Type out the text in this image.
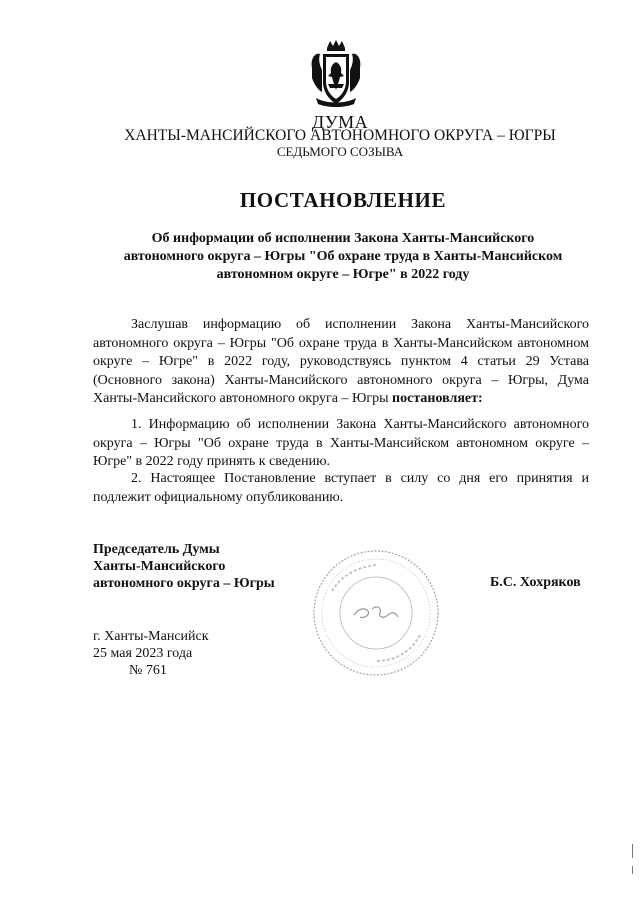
ДУМА
ХАНТЫ-МАНСИЙСКОГО АВТОНОМНОГО ОКРУГА – ЮГРЫ
СЕДЬМОГО СОЗЫВА
ПОСТАНОВЛЕНИЕ
Об информации об исполнении Закона Ханты-Мансийского автономного округа – Югры "Об охране труда в Ханты-Мансийском автономном округе – Югре" в 2022 году
Заслушав информацию об исполнении Закона Ханты-Мансийского автономного округа – Югры "Об охране труда в Ханты-Мансийском автономном округе – Югре" в 2022 году, руководствуясь пунктом 4 статьи 29 Устава (Основного закона) Ханты-Мансийского автономного округа – Югры, Дума Ханты-Мансийского автономного округа – Югры постановляет:
1. Информацию об исполнении Закона Ханты-Мансийского автономного округа – Югры "Об охране труда в Ханты-Мансийском автономном округе – Югре" в 2022 году принять к сведению.
2. Настоящее Постановление вступает в силу со дня его принятия и подлежит официальному опубликованию.
Председатель Думы
Ханты-Мансийского
автономного округа – Югры	Б.С. Хохряков
г. Ханты-Мансийск
25 мая 2023 года
№ 761
